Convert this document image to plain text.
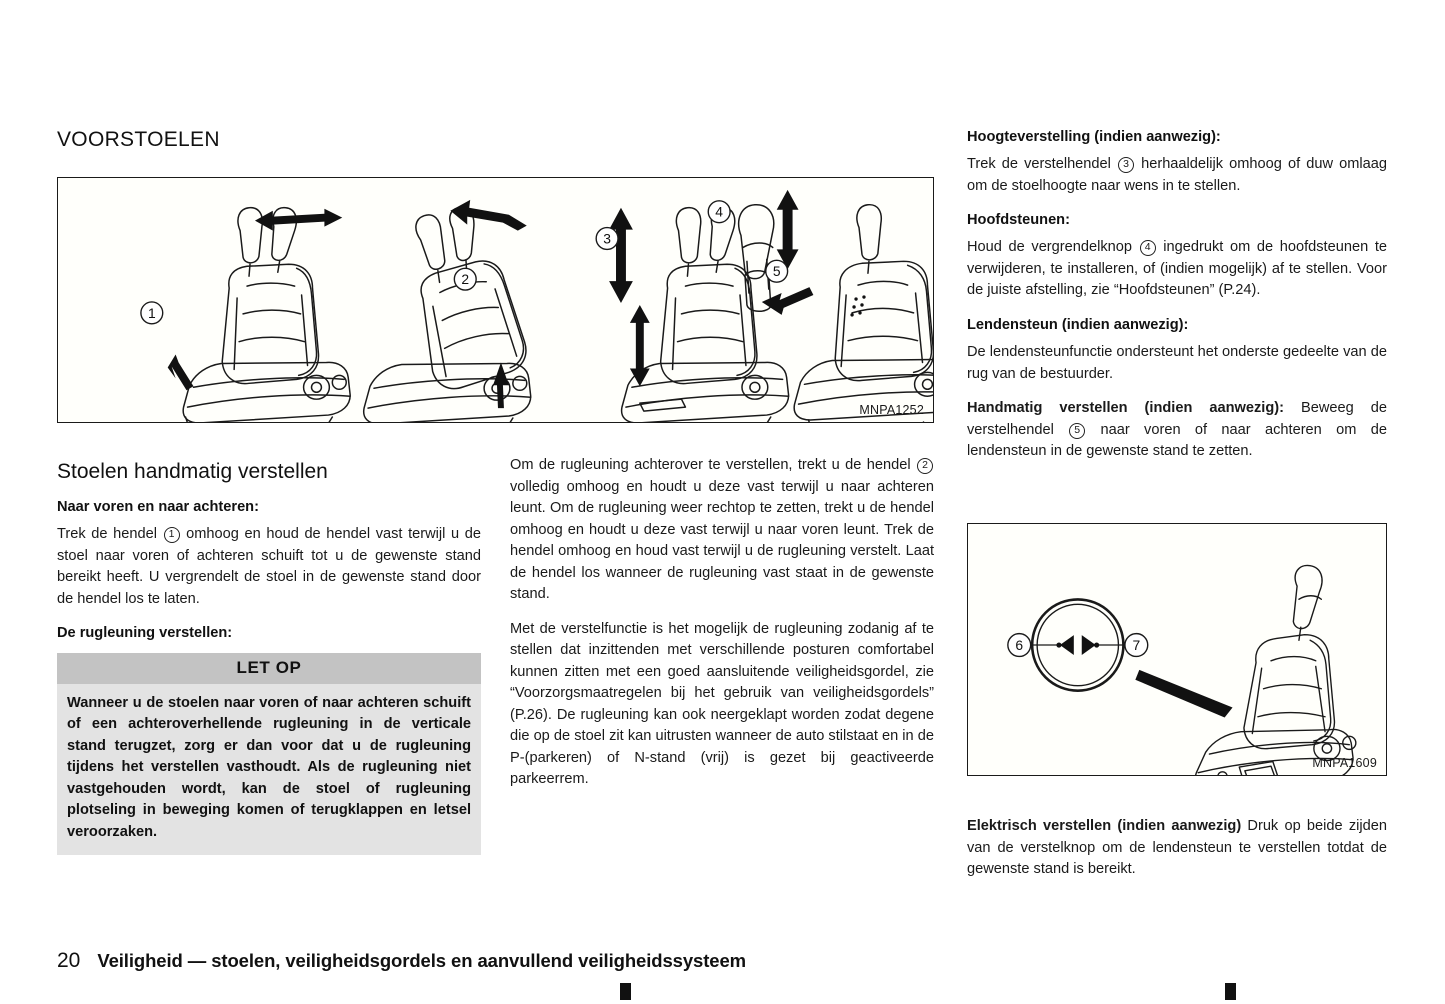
VOORSTOELEN
1
2
3
4
5
MNPA1252
Stoelen handmatig verstellen
Naar voren en naar achteren:

Trek de hendel 1 omhoog en houd de hendel vast terwijl u de stoel naar voren of achteren schuift tot u de gewenste stand bereikt heeft. U vergrendelt de stoel in de gewenste stand door de hendel los te laten.

De rugleuning verstellen:
LET OP
Wanneer u de stoelen naar voren of naar achteren schuift of een achteroverhellende rugleuning in de verticale stand terugzet, zorg er dan voor dat u de rugleuning tijdens het verstellen vasthoudt. Als de rugleuning niet vastgehouden wordt, kan de stoel of rugleuning plotseling in beweging komen of terugklappen en letsel veroorzaken.

Om de rugleuning achterover te verstellen, trekt u de hendel 2 volledig omhoog en houdt u deze vast terwijl u naar achteren leunt. Om de rugleuning weer rechtop te zetten, trekt u de hendel omhoog en houdt u deze vast terwijl u naar voren leunt. Trek de hendel omhoog en houd vast terwijl u de rugleuning verstelt. Laat de hendel los wanneer de rugleuning vast staat in de gewenste stand.

Met de verstelfunctie is het mogelijk de rugleuning zodanig af te stellen dat inzittenden met verschillende posturen comfortabel kunnen zitten met een goed aansluitende veiligheidsgordel, zie “Voorzorgsmaatregelen bij het gebruik van veiligheidsgordels” (P.26). De rugleuning kan ook neergeklapt worden zodat degene die op de stoel zit kan uitrusten wanneer de auto stilstaat en in de P-(parkeren) of N-stand (vrij) is gezet bij geactiveerde parkeerrem.

Hoogteverstelling (indien aanwezig):

Trek de verstelhendel 3 herhaaldelijk omhoog of duw omlaag om de stoelhoogte naar wens in te stellen.

Hoofdsteunen:

Houd de vergrendelknop 4 ingedrukt om de hoofdsteunen te verwijderen, te installeren, of (indien mogelijk) af te stellen. Voor de juiste afstelling, zie “Hoofdsteunen” (P.24).

Lendensteun (indien aanwezig):

De lendensteunfunctie ondersteunt het onderste gedeelte van de rug van de bestuurder.

Handmatig verstellen (indien aanwezig): Beweeg de verstelhendel 5 naar voren of naar achteren om de lendensteun in de gewenste stand te zetten.

6	7
MNPA1609

Elektrisch verstellen (indien aanwezig) Druk op beide zijden van de verstelknop om de lendensteun te verstellen totdat de gewenste stand is bereikt.

20 Veiligheid — stoelen, veiligheidsgordels en aanvullend veiligheidssysteem
